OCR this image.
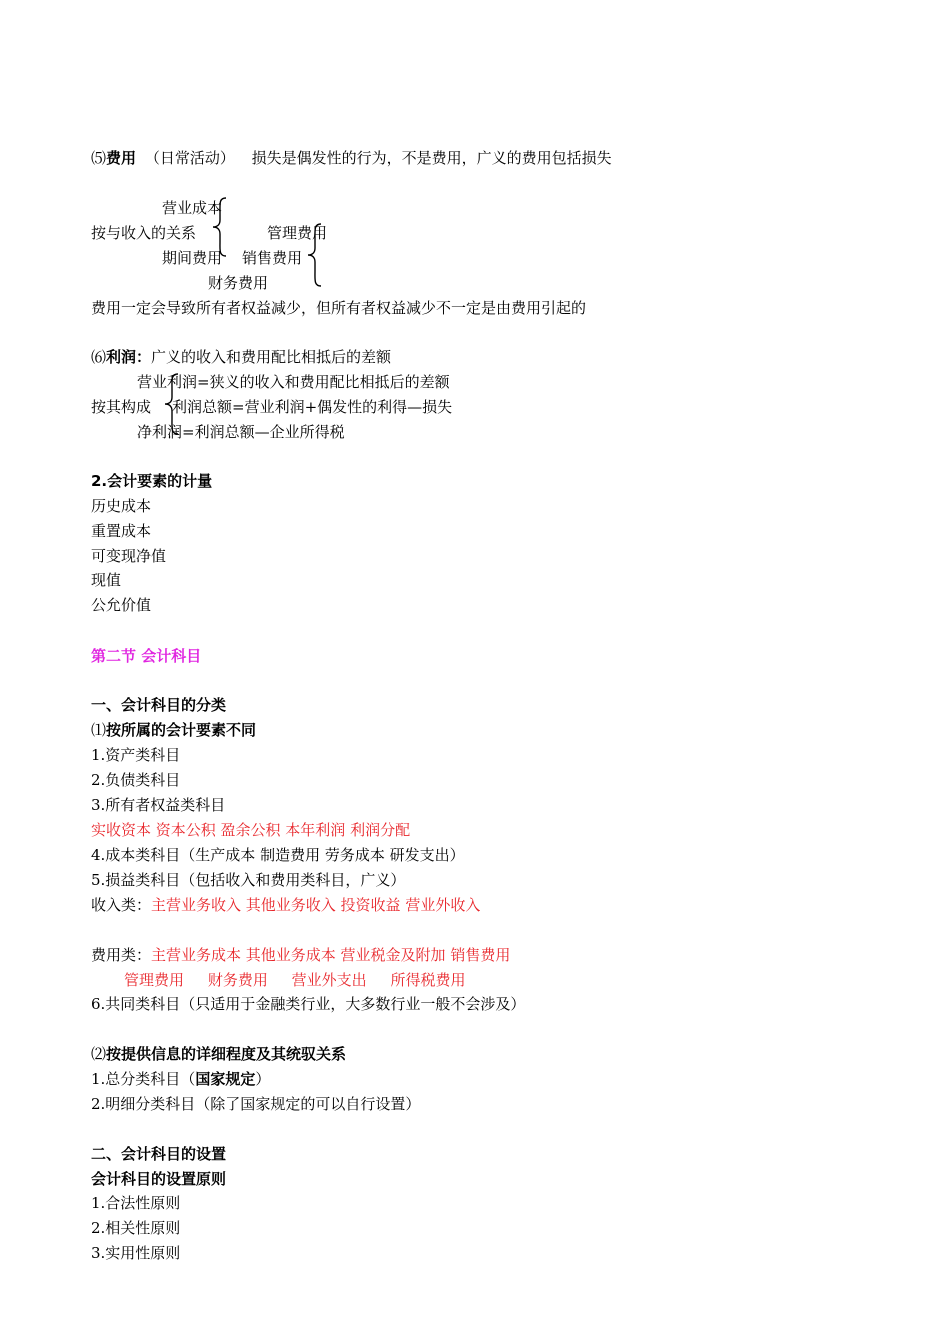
⑸费用 （日常活动） 损失是偶发性的行为，不是费用，广义的费用包括损失
营业成本
按与收入的关系	管理费用
期间费用 销售费用
财务费用
费用一定会导致所有者权益减少，但所有者权益减少不一定是由费用引起的
⑹利润：广义的收入和费用配比相抵后的差额
营业利润=狭义的收入和费用配比相抵后的差额
按其构成 利润总额=营业利润+偶发性的利得—损失
净利润=利润总额—企业所得税
2.会计要素的计量
历史成本
重置成本
可变现净值
现值
公允价值
第二节 会计科目
一、会计科目的分类
⑴按所属的会计要素不同
1.资产类科目
2.负债类科目
3.所有者权益类科目
实收资本 资本公积 盈余公积 本年利润 利润分配
4.成本类科目（生产成本 制造费用 劳务成本 研发支出）
5.损益类科目（包括收入和费用类科目，广义）
收入类：主营业务收入 其他业务收入 投资收益 营业外收入
费用类：主营业务成本 其他业务成本 营业税金及附加 销售费用
管理费用     财务费用     营业外支出     所得税费用
6.共同类科目（只适用于金融类行业，大多数行业一般不会涉及）
⑵按提供信息的详细程度及其统驭关系
1.总分类科目（国家规定）
2.明细分类科目（除了国家规定的可以自行设置）
二、会计科目的设置
会计科目的设置原则
1.合法性原则
2.相关性原则
3.实用性原则
